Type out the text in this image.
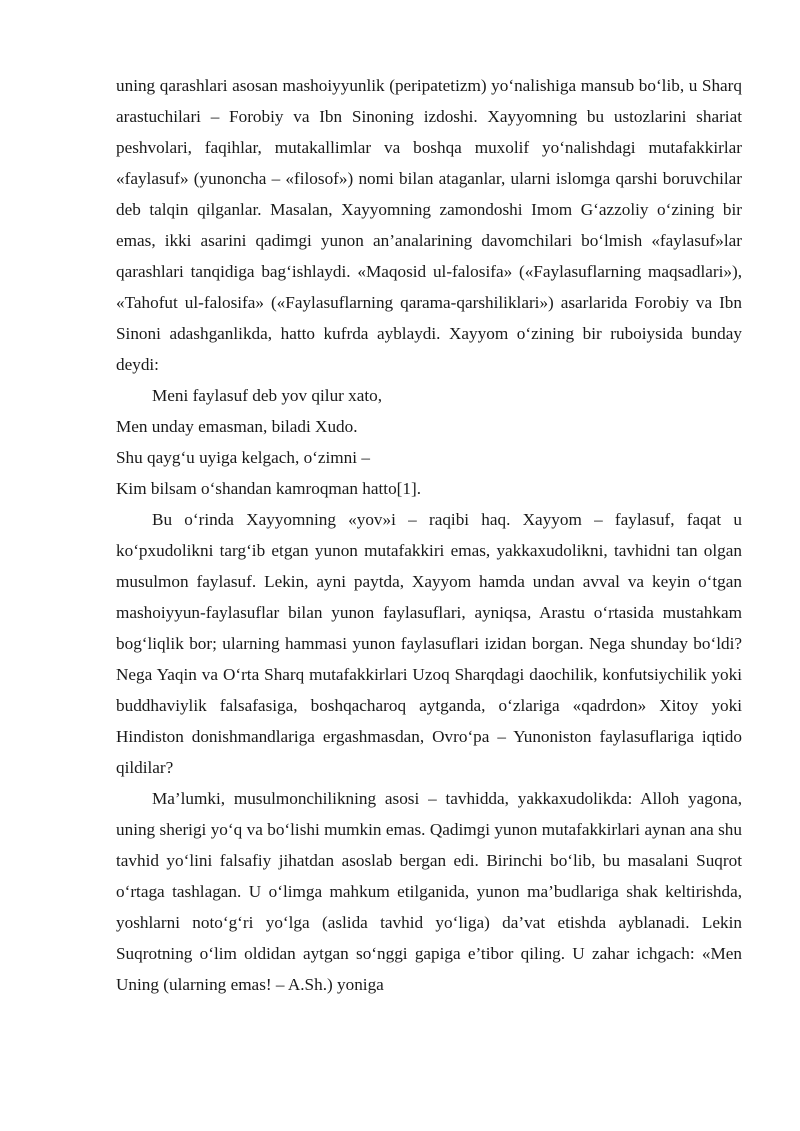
uning qarashlari asosan mashoiyyunlik (peripatetizm) yo‘nalishiga mansub bo‘lib, u Sharq arastuchilari – Forobiy va Ibn Sinoning izdoshi. Xayyomning bu ustozlarini shariat peshvolari, faqihlar, mutakallimlar va boshqa muxolif yo‘nalishdagi mutafakkirlar «faylasuf» (yunoncha – «filosof») nomi bilan ataganlar, ularni islomga qarshi boruvchilar deb talqin qilganlar. Masalan, Xayyomning zamondoshi Imom G‘azzoliy o‘zining bir emas, ikki asarini qadimgi yunon an’analarining davomchilari bo‘lmish «faylasuf»lar qarashlari tanqidiga bag‘ishlaydi. «Maqosid ul-falosifa» («Faylasuflarning maqsadlari»), «Tahofut ul-falosifa» («Faylasuflarning qarama-qarshiliklari») asarlarida Forobiy va Ibn Sinoni adashganlikda, hatto kufrda ayblaydi. Xayyom o‘zining bir ruboiysida bunday deydi:

Meni faylasuf deb yov qilur xato,

Men unday emasman, biladi Xudo.

Shu qayg‘u uyiga kelgach, o‘zimni –

Kim bilsam o‘shandan kamroqman hatto[1].

Bu o‘rinda Xayyomning «yov»i – raqibi haq. Xayyom – faylasuf, faqat u ko‘pxudolikni targ‘ib etgan yunon mutafakkiri emas, yakkaxudolikni, tavhidni tan olgan musulmon faylasuf. Lekin, ayni paytda, Xayyom hamda undan avval va keyin o‘tgan mashoiyyun-faylasuflar bilan yunon faylasuflari, ayniqsa, Arastu o‘rtasida mustahkam bog‘liqlik bor; ularning hammasi yunon faylasuflari izidan borgan. Nega shunday bo‘ldi? Nega Yaqin va O‘rta Sharq mutafakkirlari Uzoq Sharqdagi daochilik, konfutsiychilik yoki buddhaviylik falsafasiga, boshqacharoq aytganda, o‘zlariga «qadrdon» Xitoy yoki Hindiston donishmandlariga ergashmasdan, Ovro‘pa – Yunoniston faylasuflariga iqtido qildilar?

Ma’lumki, musulmonchilikning asosi – tavhidda, yakkaxudolikda: Alloh yagona, uning sherigi yo‘q va bo‘lishi mumkin emas. Qadimgi yunon mutafakkirlari aynan ana shu tavhid yo‘lini falsafiy jihatdan asoslab bergan edi. Birinchi bo‘lib, bu masalani Suqrot o‘rtaga tashlagan. U o‘limga mahkum etilganida, yunon ma’budlariga shak keltirishda, yoshlarni noto‘g‘ri yo‘lga (aslida tavhid yo‘liga) da’vat etishda ayblanadi. Lekin Suqrotning o‘lim oldidan aytgan so‘nggi gapiga e’tibor qiling. U zahar ichgach: «Men Uning (ularning emas! – A.Sh.) yoniga
